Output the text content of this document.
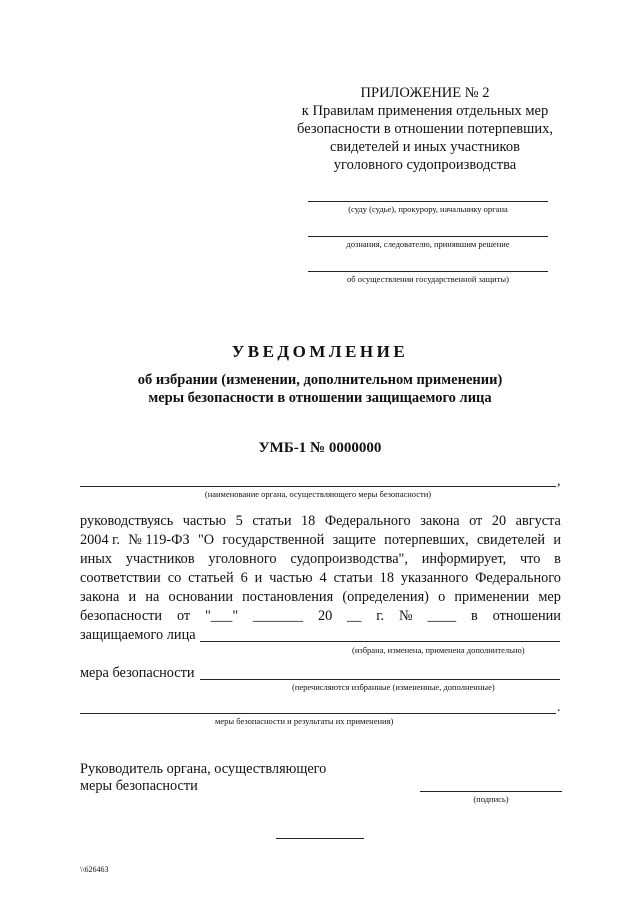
ПРИЛОЖЕНИЕ № 2
к Правилам применения отдельных мер
безопасности в отношении потерпевших,
свидетелей и иных участников
уголовного судопроизводства
(суду (судье), прокурору, начальнику органа
дознания, следователю, принявшим решение
об осуществлении государственной защиты)
УВЕДОМЛЕНИЕ
об избрании (изменении, дополнительном применении)
меры безопасности в отношении защищаемого лица
УМБ-1 № 0000000
,
(наименование органа, осуществляющего меры безопасности)
руководствуясь частью 5 статьи 18 Федерального закона от 20 августа
2004 г. № 119-ФЗ "О государственной защите потерпевших, свидетелей и
иных участников уголовного судопроизводства", информирует, что в
соответствии со статьей 6 и частью 4 статьи 18 указанного Федерального
закона и на основании постановления (определения) о применении мер
безопасности от "___" _______ 20 __ г. № ____ в отношении
защищаемого лица
(избрана, изменена, применена дополнительно)
мера безопасности
(перечисляются избранные (измененные, дополненные)
.
меры безопасности и результаты их применения)
Руководитель органа, осуществляющего
меры безопасности
(подпись)
\\626463
